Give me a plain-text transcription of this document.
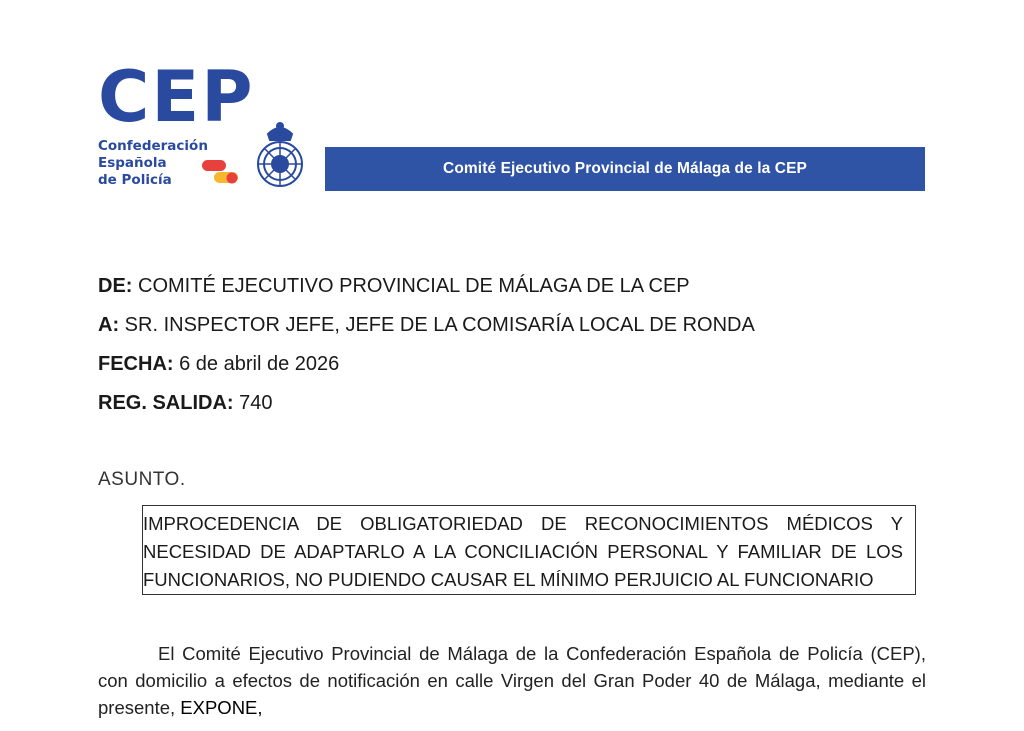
CEP
Confederación
Española
de Policía
Comité Ejecutivo Provincial de Málaga de la CEP
DE: COMITÉ EJECUTIVO PROVINCIAL DE MÁLAGA DE LA CEP
A: SR. INSPECTOR JEFE, JEFE DE LA COMISARÍA LOCAL DE RONDA
FECHA: 6 de abril de 2026
REG. SALIDA: 740
ASUNTO.
IMPROCEDENCIA DE OBLIGATORIEDAD DE RECONOCIMIENTOS MÉDICOS Y NECESIDAD DE ADAPTARLO A LA CONCILIACIÓN PERSONAL Y FAMILIAR DE LOS FUNCIONARIOS, NO PUDIENDO CAUSAR EL MÍNIMO PERJUICIO AL FUNCIONARIO
El Comité Ejecutivo Provincial de Málaga de la Confederación Española de Policía (CEP), con domicilio a efectos de notificación en calle Virgen del Gran Poder 40 de Málaga, mediante el presente, EXPONE,
